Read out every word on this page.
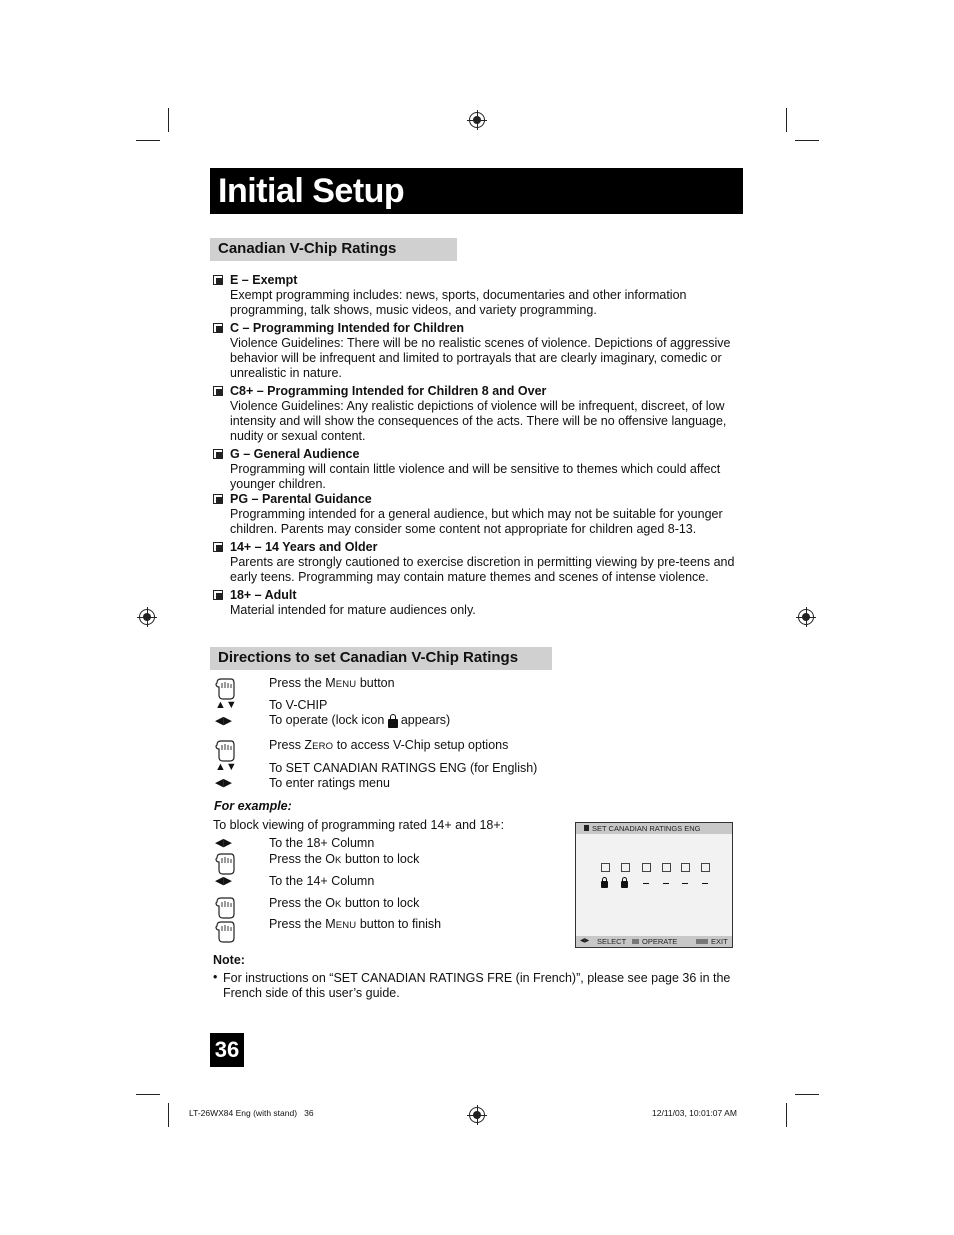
Initial Setup
Canadian V-Chip Ratings
E – Exempt
Exempt programming includes: news, sports, documentaries and other information programming, talk shows, music videos, and variety programming.
C – Programming Intended for Children
Violence Guidelines: There will be no realistic scenes of violence. Depictions of aggressive behavior will be infrequent and limited to portrayals that are clearly imaginary, comedic or unrealistic in nature.
C8+ – Programming Intended for Children 8 and Over
Violence Guidelines: Any realistic depictions of violence will be infrequent, discreet, of low intensity and will show the consequences of the acts. There will be no offensive language, nudity or sexual content.
G – General Audience
Programming will contain little violence and will be sensitive to themes which could affect younger children.
PG – Parental Guidance
Programming intended for a general audience, but which may not be suitable for younger children. Parents may consider some content not appropriate for children aged 8-13.
14+ – 14 Years and Older
Parents are strongly cautioned to exercise discretion in permitting viewing by pre-teens and early teens. Programming may contain mature themes and scenes of intense violence.
18+ – Adult
Material intended for mature audiences only.
Directions to set Canadian V-Chip Ratings
Press the MENU button
▲▼	To V-CHIP
◀▶	To operate (lock icon
appears)
Press ZERO to access V-Chip setup options
▲▼	To SET CANADIAN RATINGS ENG (for English)
◀▶	To enter ratings menu
For example:
To block viewing of programming rated 14+ and 18+:
◀▶	To the 18+ Column
Press the OK button to lock
◀▶	To the 14+ Column
Press the OK button to lock
Press the MENU button to finish
SET CANADIAN RATINGS ENG
◀▶ SELECT OPERATE	EXIT
Note:
• For instructions on “SET CANADIAN RATINGS FRE (in French)”, please see page 36 in the French side of this user’s guide.
36
LT-26WX84 Eng (with stand)   36	12/11/03, 10:01:07 AM
